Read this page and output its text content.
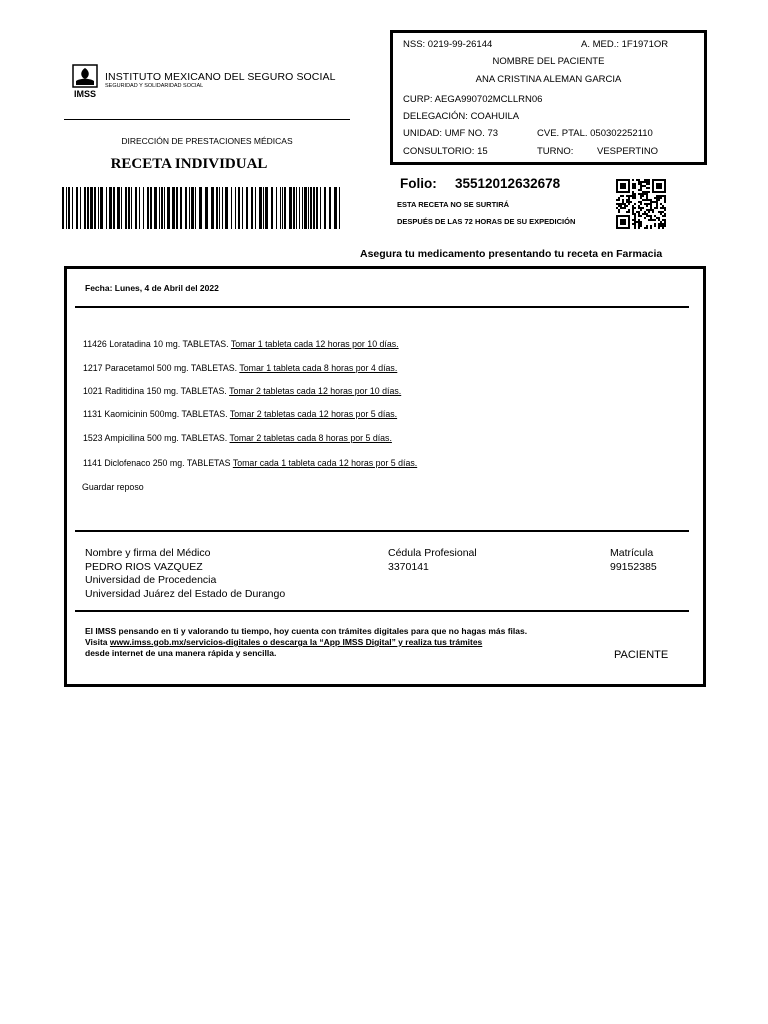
IMSS
INSTITUTO MEXICANO DEL SEGURO SOCIAL
SEGURIDAD Y SOLIDARIDAD SOCIAL
DIRECCIÓN DE PRESTACIONES MÉDICAS
RECETA INDIVIDUAL
NSS: 0219-99-26144	A. MED.: 1F1971OR
NOMBRE DEL PACIENTE
ANA CRISTINA ALEMAN GARCIA
CURP: AEGA990702MCLLRN06
DELEGACIÓN: COAHUILA
UNIDAD: UMF NO. 73	CVE. PTAL. 050302252110
CONSULTORIO: 15	TURNO: VESPERTINO
Folio: 35512012632678
ESTA RECETA NO SE SURTIRÁ
DESPUÉS DE LAS 72 HORAS DE SU EXPEDICIÓN
Asegura tu medicamento presentando tu receta en Farmacia
Fecha: Lunes, 4 de Abril del 2022
11426 Loratadina 10 mg. TABLETAS. Tomar 1 tableta cada 12 horas por 10 días.
1217 Paracetamol 500 mg. TABLETAS. Tomar 1 tableta cada 8 horas por 4 días.
1021 Raditidina 150 mg. TABLETAS. Tomar 2 tabletas cada 12 horas por 10 días.
1131 Kaomicinin 500mg. TABLETAS. Tomar 2 tabletas cada 12 horas por 5 días.
1523 Ampicilina 500 mg. TABLETAS. Tomar 2 tabletas cada 8 horas por 5 días.
1141 Diclofenaco 250 mg. TABLETAS Tomar cada 1 tableta cada 12 horas por 5 días.
Guardar reposo
Nombre y firma del Médico
PEDRO RIOS VAZQUEZ
Universidad de Procedencia
Universidad Juárez del Estado de Durango
Cédula Profesional
3370141
Matrícula
99152385
El IMSS pensando en ti y valorando tu tiempo, hoy cuenta con trámites digitales para que no hagas más filas.
Visita www.imss.gob.mx/servicios-digitales o descarga la “App IMSS Digital” y realiza tus trámites
desde internet de una manera rápida y sencilla.	PACIENTE
